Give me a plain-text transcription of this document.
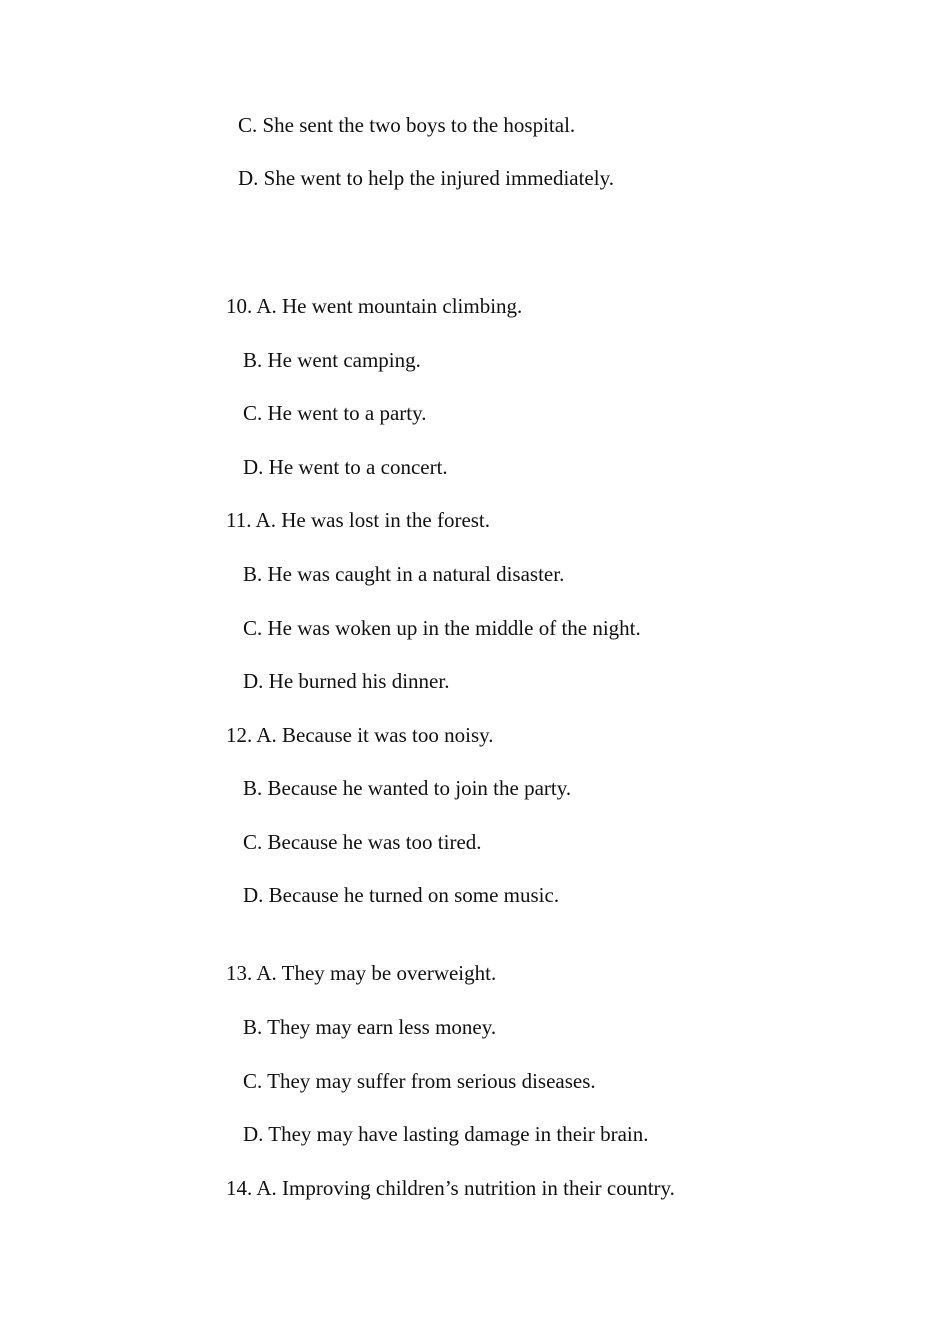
C. She sent the two boys to the hospital.
D. She went to help the injured immediately.
10. A. He went mountain climbing.
B. He went camping.
C. He went to a party.
D. He went to a concert.
11. A. He was lost in the forest.
B. He was caught in a natural disaster.
C. He was woken up in the middle of the night.
D. He burned his dinner.
12. A. Because it was too noisy.
B. Because he wanted to join the party.
C. Because he was too tired.
D. Because he turned on some music.
13. A. They may be overweight.
B. They may earn less money.
C. They may suffer from serious diseases.
D. They may have lasting damage in their brain.
14. A. Improving children’s nutrition in their country.
